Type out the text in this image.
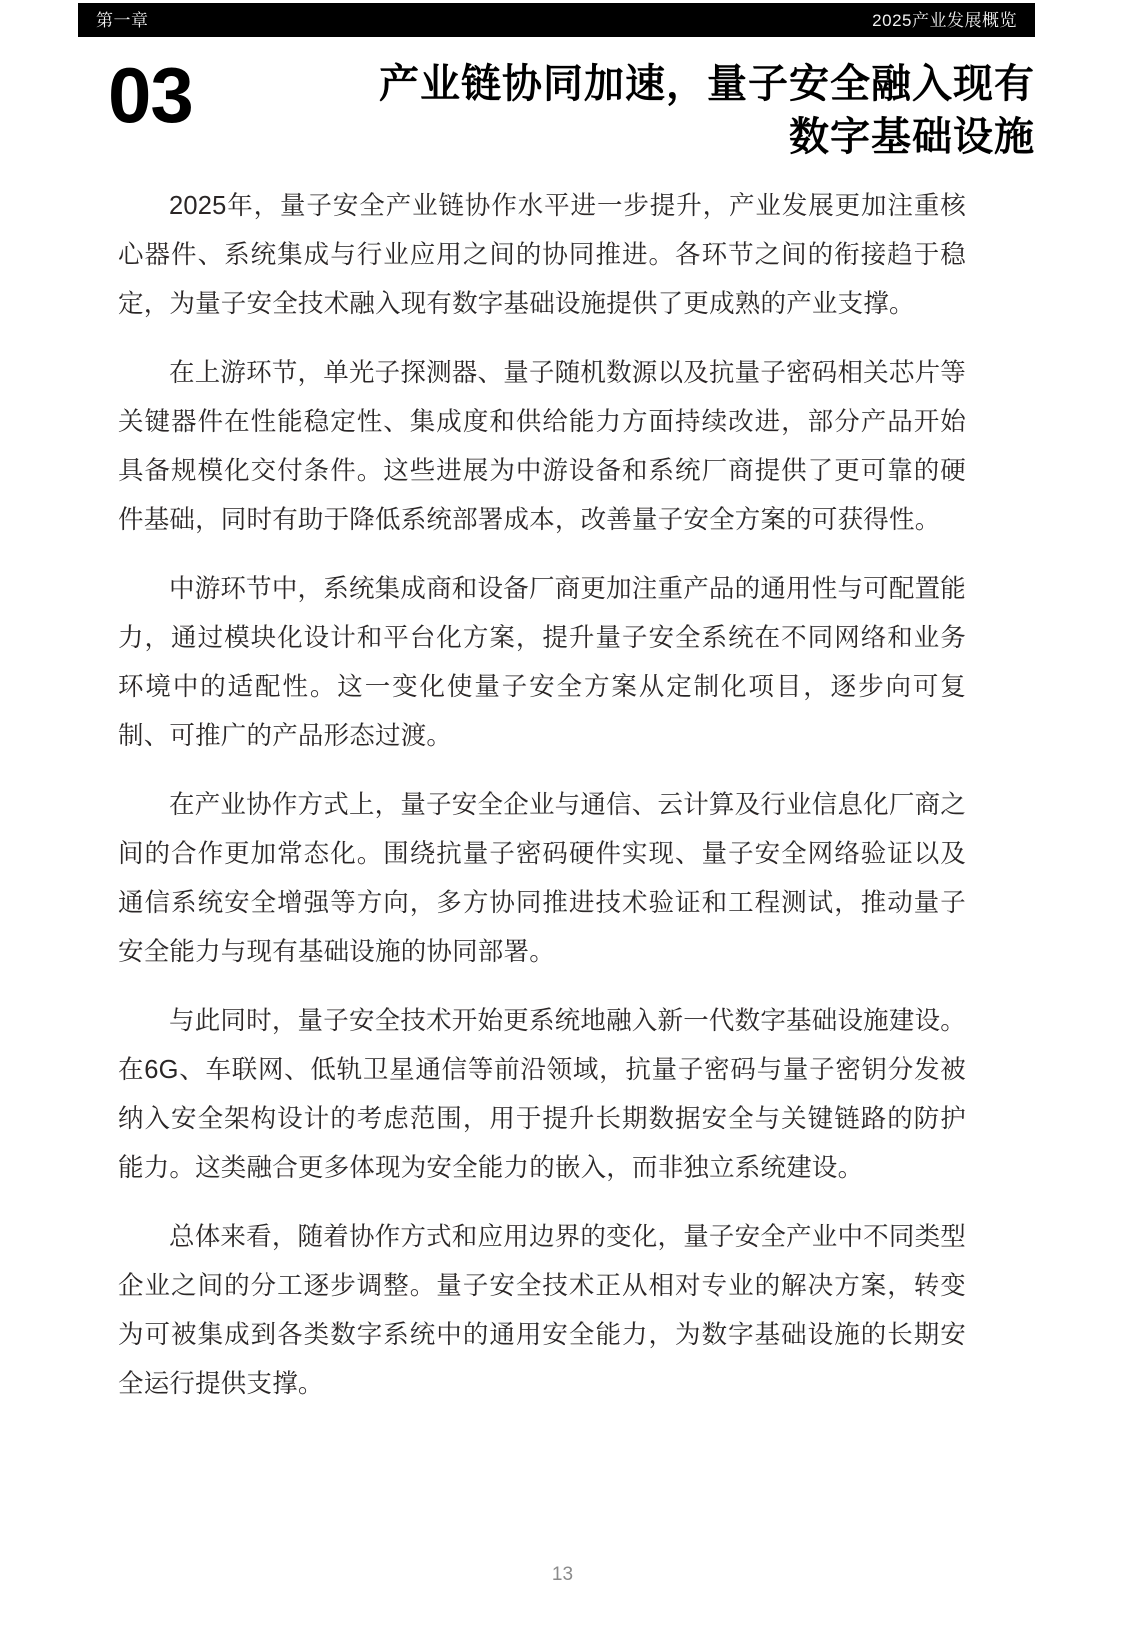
第一章	2025产业发展概览
03	产业链协同加速，量子安全融入现有
数字基础设施

2025年，量子安全产业链协作水平进一步提升，产业发展更加注重核心器件、系统集成与行业应用之间的协同推进。各环节之间的衔接趋于稳定，为量子安全技术融入现有数字基础设施提供了更成熟的产业支撑。

在上游环节，单光子探测器、量子随机数源以及抗量子密码相关芯片等关键器件在性能稳定性、集成度和供给能力方面持续改进，部分产品开始具备规模化交付条件。这些进展为中游设备和系统厂商提供了更可靠的硬件基础，同时有助于降低系统部署成本，改善量子安全方案的可获得性。

中游环节中，系统集成商和设备厂商更加注重产品的通用性与可配置能力，通过模块化设计和平台化方案，提升量子安全系统在不同网络和业务环境中的适配性。这一变化使量子安全方案从定制化项目，逐步向可复制、可推广的产品形态过渡。

在产业协作方式上，量子安全企业与通信、云计算及行业信息化厂商之间的合作更加常态化。围绕抗量子密码硬件实现、量子安全网络验证以及通信系统安全增强等方向，多方协同推进技术验证和工程测试，推动量子安全能力与现有基础设施的协同部署。

与此同时，量子安全技术开始更系统地融入新一代数字基础设施建设。在6G、车联网、低轨卫星通信等前沿领域，抗量子密码与量子密钥分发被纳入安全架构设计的考虑范围，用于提升长期数据安全与关键链路的防护能力。这类融合更多体现为安全能力的嵌入，而非独立系统建设。

总体来看，随着协作方式和应用边界的变化，量子安全产业中不同类型企业之间的分工逐步调整。量子安全技术正从相对专业的解决方案，转变为可被集成到各类数字系统中的通用安全能力，为数字基础设施的长期安全运行提供支撑。

13
